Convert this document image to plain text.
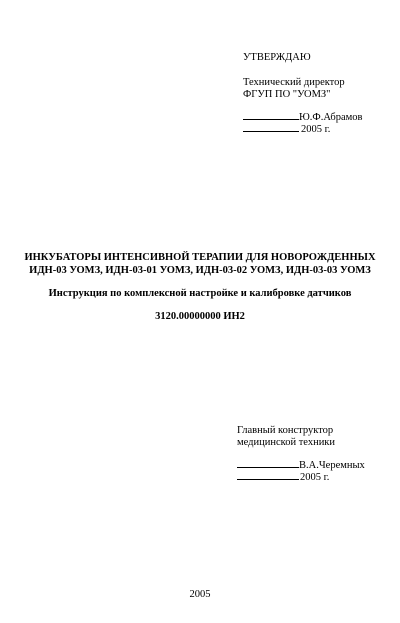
УТВЕРЖДАЮ
Технический директор
ФГУП ПО "УОМЗ"
Ю.Ф.Абрамов
2005 г.
ИНКУБАТОРЫ ИНТЕНСИВНОЙ ТЕРАПИИ ДЛЯ НОВОРОЖДЕННЫХ
ИДН-03 УОМЗ, ИДН-03-01 УОМЗ, ИДН-03-02 УОМЗ, ИДН-03-03 УОМЗ
Инструкция по комплексной настройке и калибровке датчиков
3120.00000000 ИН2
Главный конструктор
медицинской техники
В.А.Черемных
2005 г.
2005
